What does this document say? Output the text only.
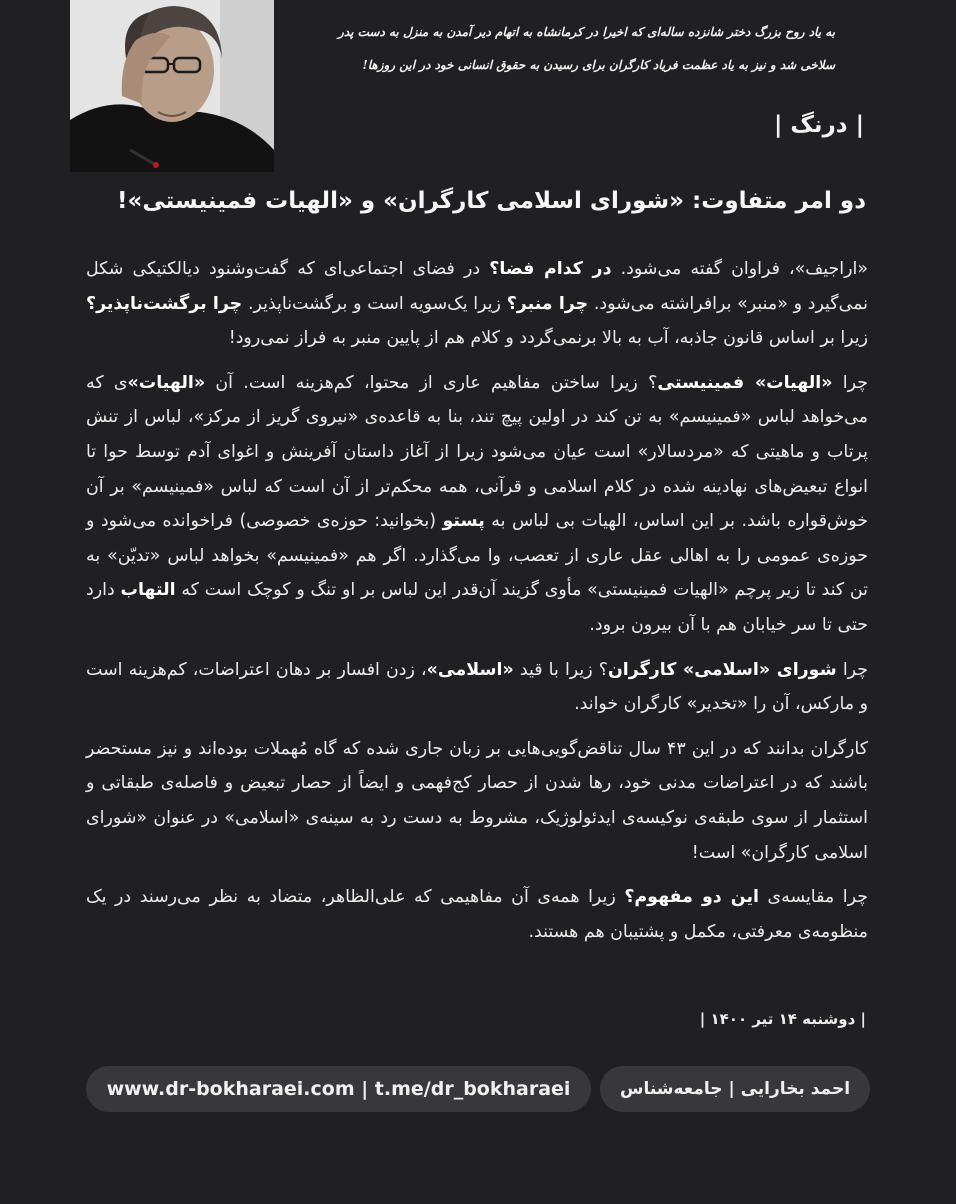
به یاد روح بزرگ دختر شانزده ساله‌ای که اخیرا در کرمانشاه به اتهام دیر آمدن به منزل به دست پدر

سلاخی شد و نیز به یاد عظمت فریاد کارگران برای رسیدن به حقوق انسانی خود در این روزها!

| درنگ |
دو امر متفاوت: «شورای اسلامی کارگران» و «الهیات فمینیستی»!

«اراجیف»، فراوان گفته می‌شود. در کدام فضا؟ در فضای اجتماعی‌ای که گفت‌وشنود دیالکتیکی شکل نمی‌گیرد و «منبر» برافراشته می‌شود. چرا منبر؟ زیرا یک‌سویه است و برگشت‌ناپذیر. چرا برگشت‌ناپذیر؟ زیرا بر اساس قانون جاذبه، آب به بالا برنمی‌گردد و کلام هم از پایین منبر به فراز نمی‌رود!

چرا «الهیات» فمینیستی؟ زیرا ساختن مفاهیم عاری از محتوا، کم‌هزینه است. آن «الهیات»ی که می‌خواهد لباس «فمینیسم» به تن کند در اولین پیچ تند، بنا به قاعده‌ی «نیروی گریز از مرکز»، لباس از تنش پرتاب و ماهیتی که «مردسالار» است عیان می‌شود زیرا از آغاز داستان آفرینش و اغوای آدم توسط حوا تا انواع تبعیض‌های نهادینه شده در کلام اسلامی و قرآنی، همه محکم‌تر از آن است که لباس «فمینیسم» بر آن خوش‌قواره باشد. بر این اساس، الهیات بی لباس به پستو (بخوانید: حوزه‌ی خصوصی) فراخوانده می‌شود و حوزه‌ی عمومی را به اهالی عقل عاری از تعصب، وا می‌گذارد. اگر هم «فمینیسم» بخواهد لباس «تدیّن» به تن کند تا زیر پرچم «الهیات فمینیستی» مأوی گزیند آن‌قدر این لباس بر او تنگ و کوچک است که التهاب دارد حتی تا سر خیابان هم با آن بیرون برود.

چرا شورای «اسلامی» کارگران؟ زیرا با قید «اسلامی»، زدن افسار بر دهان اعتراضات، کم‌هزینه است و مارکس، آن را «تخدیر» کارگران خواند.

کارگران بدانند که در این ۴۳ سال تناقض‌گویی‌هایی بر زبان جاری شده که گاه مُهملات بوده‌اند و نیز مستحضر باشند که در اعتراضات مدنی خود، رها شدن از حصار کج‌فهمی و ایضاً از حصار تبعیض و فاصله‌ی طبقاتی و استثمار از سوی طبقه‌ی نوکیسه‌ی ایدئولوژیک، مشروط به دست رد به سینه‌ی «اسلامی» در عنوان «شورای اسلامی کارگران» است!

چرا مقایسه‌ی این دو مفهوم؟ زیرا همه‌ی آن مفاهیمی که علی‌الظاهر، متضاد به نظر می‌رسند در یک منظومه‌ی معرفتی، مکمل و پشتیبان هم هستند.

| دوشنبه ۱۴ تیر ۱۴۰۰ |
احمد بخارایی | جامعه‌شناس
www.dr-bokharaei.com | t.me/dr_bokharaei
